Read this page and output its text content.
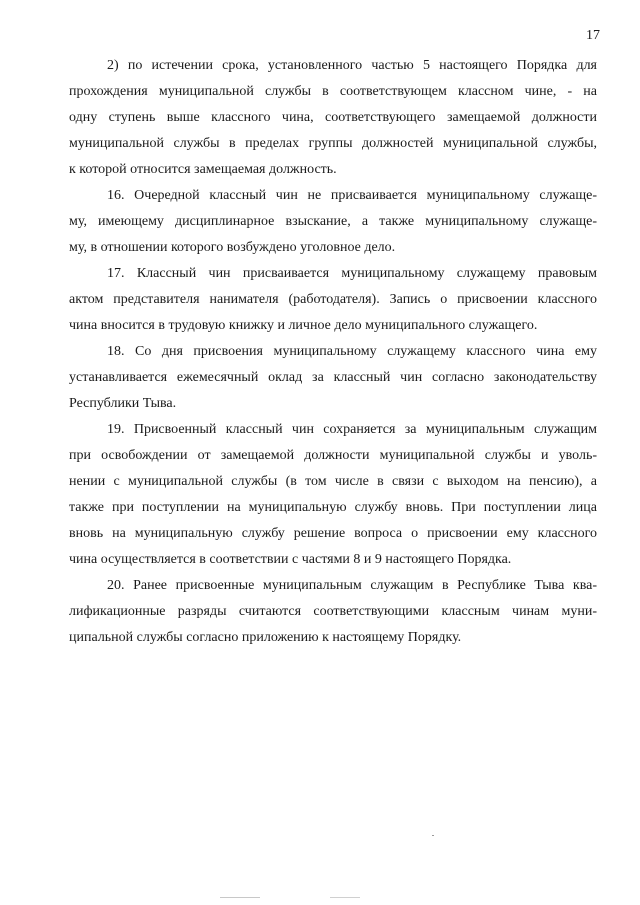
17
2) по истечении срока, установленного частью 5 настоящего Порядка для
прохождения муниципальной службы в соответствующем классном чине, - на
одну ступень выше классного чина, соответствующего замещаемой должности
муниципальной службы в пределах группы должностей муниципальной службы,
к которой относится замещаемая должность.
16. Очередной классный чин не присваивается муниципальному служаще-
му, имеющему дисциплинарное взыскание, а также муниципальному служаще-
му, в отношении которого возбуждено уголовное дело.
17. Классный чин присваивается муниципальному служащему правовым
актом представителя нанимателя (работодателя). Запись о присвоении классного
чина вносится в трудовую книжку и личное дело муниципального служащего.
18. Со дня присвоения муниципальному служащему классного чина ему
устанавливается ежемесячный оклад за классный чин согласно законодательству
Республики Тыва.
19. Присвоенный классный чин сохраняется за муниципальным служащим
при освобождении от замещаемой должности муниципальной службы и уволь-
нении с муниципальной службы (в том числе в связи с выходом на пенсию), а
также при поступлении на муниципальную службу вновь. При поступлении лица
вновь на муниципальную службу решение вопроса о присвоении ему классного
чина осуществляется в соответствии с частями 8 и 9 настоящего Порядка.
20. Ранее присвоенные муниципальным служащим в Республике Тыва ква-
лификационные разряды считаются соответствующими классным чинам муни-
ципальной службы согласно приложению к настоящему Порядку.
